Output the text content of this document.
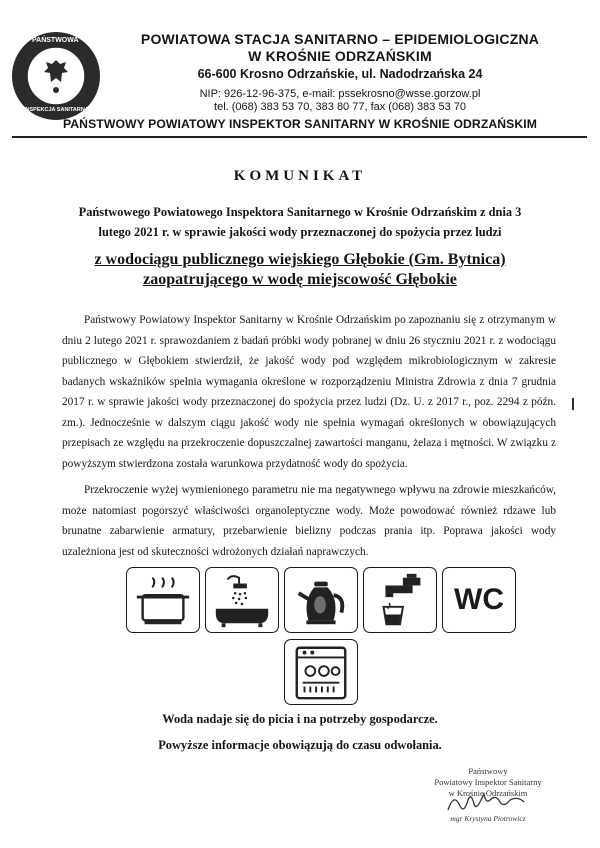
PAŃSTWOWA
INSPEKCJA SANITARNA
POWIATOWA STACJA SANITARNO – EPIDEMIOLOGICZNA
W KROŚNIE ODRZAŃSKIM
66-600 Krosno Odrzańskie, ul. Nadodrzańska 24
NIP: 926-12-96-375, e-mail: pssekrosno@wsse.gorzow.pl
tel. (068) 383 53 70, 383 80 77, fax (068) 383 53 70
PAŃSTWOWY POWIATOWY INSPEKTOR SANITARNY W KROŚNIE ODRZAŃSKIM
KOMUNIKAT
Państwowego Powiatowego Inspektora Sanitarnego w Krośnie Odrzańskim z dnia 3
lutego 2021 r. w sprawie jakości wody przeznaczonej do spożycia przez ludzi
z wodociągu publicznego wiejskiego Głębokie (Gm. Bytnica)
zaopatrującego w wodę miejscowość Głębokie

Państwowy Powiatowy Inspektor Sanitarny w Krośnie Odrzańskim po zapoznaniu się z otrzymanym w dniu 2 lutego 2021 r. sprawozdaniem z badań próbki wody pobranej w dniu 26 styczniu 2021 r. z wodociągu publicznego w Głębokiem stwierdził, że jakość wody pod względem mikrobiologicznym w zakresie badanych wskaźników spełnia wymagania określone w rozporządzeniu Ministra Zdrowia z dnia 7 grudnia 2017 r. w sprawie jakości wody przeznaczonej do spożycia przez ludzi (Dz. U. z 2017 r., poz. 2294 z późn. zm.). Jednocześnie w dalszym ciągu jakość wody nie spełnia wymagań określonych w obowiązujących przepisach ze względu na przekroczenie dopuszczalnej zawartości manganu, żelaza i mętności. W związku z powyższym stwierdzona została warunkowa przydatność wody do spożycia.

Przekroczenie wyżej wymienionego parametru nie ma negatywnego wpływu na zdrowie mieszkańców, może natomiast pogorszyć właściwości organoleptyczne wody. Może powodować również rdzawe lub brunatne zabarwienie armatury, przebarwienie bielizny podczas prania itp. Poprawa jakości wody uzależniona jest od skuteczności wdrożonych działań naprawczych.

WC
Woda nadaje się do picia i na potrzeby gospodarcze.
Powyższe informacje obowiązują do czasu odwołania.
Państwowy
Powiatowy Inspektor Sanitarny
w Krośnie Odrzańskim
mgr Krystyna Piotrowicz
